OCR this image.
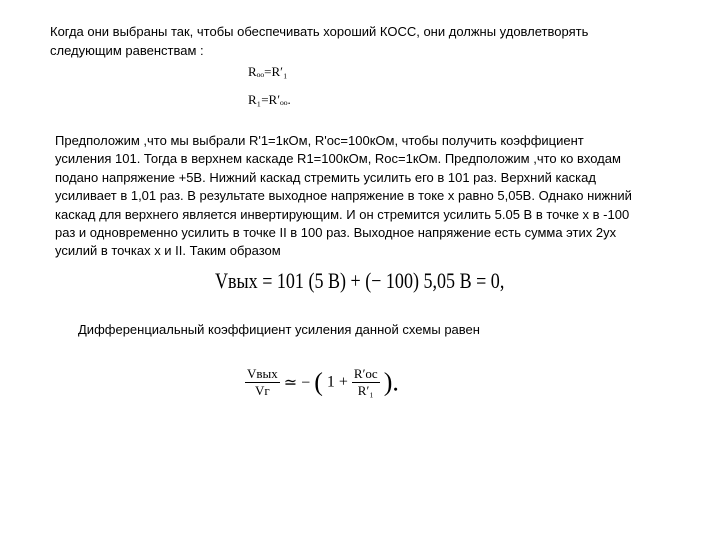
Когда они выбраны так, чтобы обеспечивать хороший КОСС, они должны удовлетворять
следующим равенствам :
Rₒₒ=R′₁
R₁=R′ₒₒ.
Предположим ,что мы выбрали R'1=1кОм, R'oc=100кОм, чтобы получить коэффициент
усиления 101. Тогда в верхнем каскаде R1=100кОм, Roc=1кОм. Предположим ,что ко входам
подано напряжение +5В. Нижний каскад стремить усилить его в 101 раз. Верхний каскад
усиливает в 1,01 раз. В результате выходное напряжение в токе х равно 5,05В. Однако нижний
каскад для верхнего является инвертирующим. И он стремится усилить 5.05 В в точке х в -100
раз и одновременно усилить в точке II в 100 раз. Выходное напряжение есть сумма этих 2ух
усилий в точках х и II. Таким образом
Vвых = 101 (5 В) + (− 100) 5,05 В = 0,
Дифференциальный коэффициент усиления данной схемы равен
$\frac{\text{Vвых}}{Vг}$ ≃ − ( $1 + \frac{R'oc}{\text{R′₁}}$ ).
